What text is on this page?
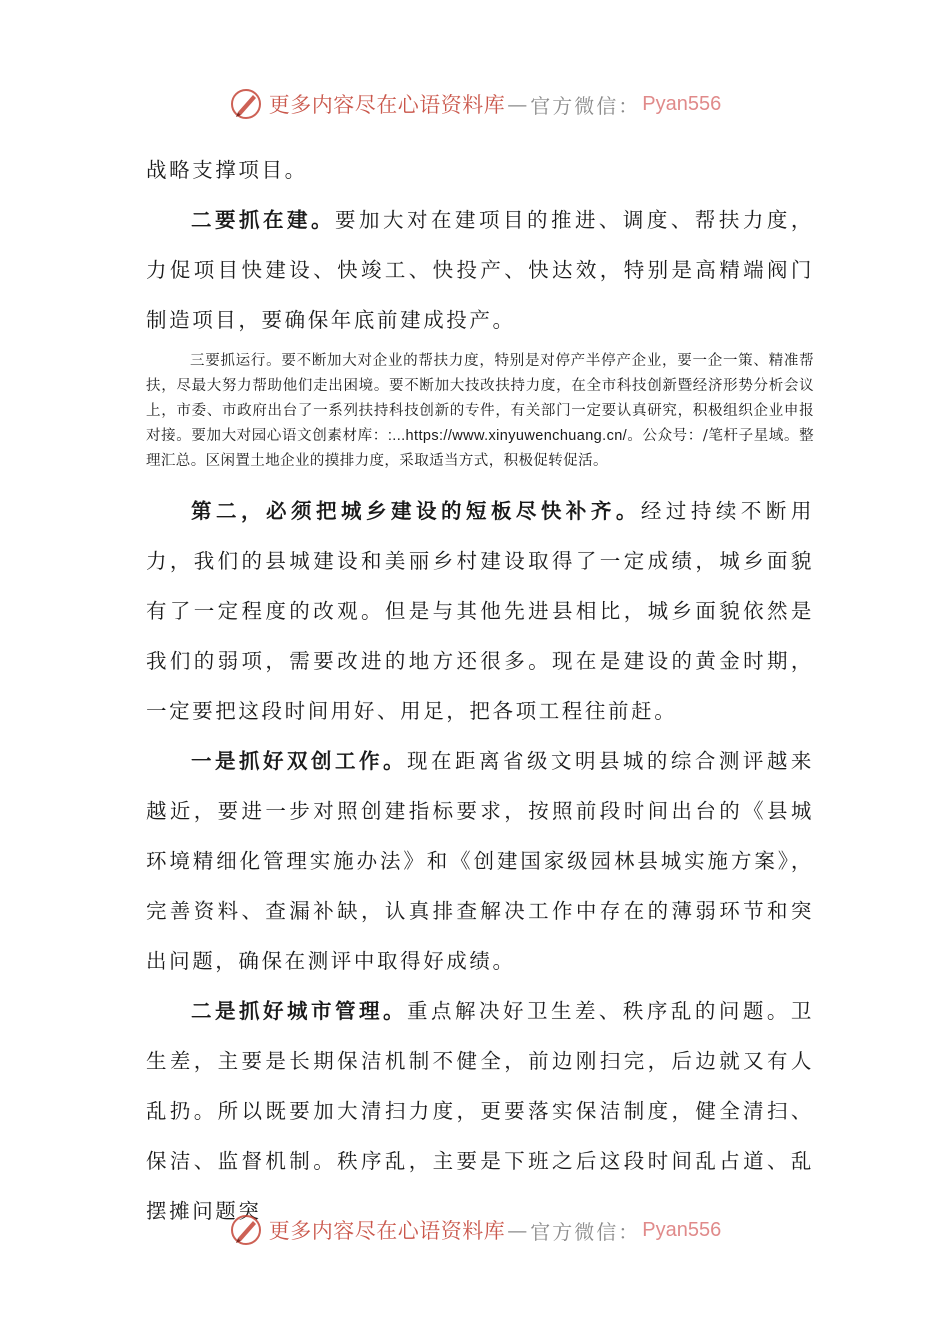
更多内容尽在心语资料库 — 官方微信： Pyan556

战略支撑项目。

二要抓在建。要加大对在建项目的推进、调度、帮扶力度，力促项目快建设、快竣工、快投产、快达效，特别是高精端阀门制造项目，要确保年底前建成投产。

三要抓运行。要不断加大对企业的帮扶力度，特别是对停产半停产企业，要一企一策、精准帮扶，尽最大努力帮助他们走出困境。要不断加大技改扶持力度，在全市科技创新暨经济形势分析会议上，市委、市政府出台了一系列扶持科技创新的专件，有关部门一定要认真研究，积极组织企业申报对接。要加大对园心语文创素材库：:...https://www.xinyuwenchuang.cn/。公众号：/笔杆子星域。整理汇总。区闲置土地企业的摸排力度，采取适当方式，积极促转促活。

第二，必须把城乡建设的短板尽快补齐。经过持续不断用力，我们的县城建设和美丽乡村建设取得了一定成绩，城乡面貌有了一定程度的改观。但是与其他先进县相比，城乡面貌依然是我们的弱项，需要改进的地方还很多。现在是建设的黄金时期，一定要把这段时间用好、用足，把各项工程往前赶。

一是抓好双创工作。现在距离省级文明县城的综合测评越来越近，要进一步对照创建指标要求，按照前段时间出台的《县城环境精细化管理实施办法》和《创建国家级园林县城实施方案》，完善资料、查漏补缺，认真排查解决工作中存在的薄弱环节和突出问题，确保在测评中取得好成绩。

二是抓好城市管理。重点解决好卫生差、秩序乱的问题。卫生差，主要是长期保洁机制不健全，前边刚扫完，后边就又有人乱扔。所以既要加大清扫力度，更要落实保洁制度，健全清扫、保洁、监督机制。秩序乱，主要是下班之后这段时间乱占道、乱摆摊问题突

更多内容尽在心语资料库 — 官方微信： Pyan556
